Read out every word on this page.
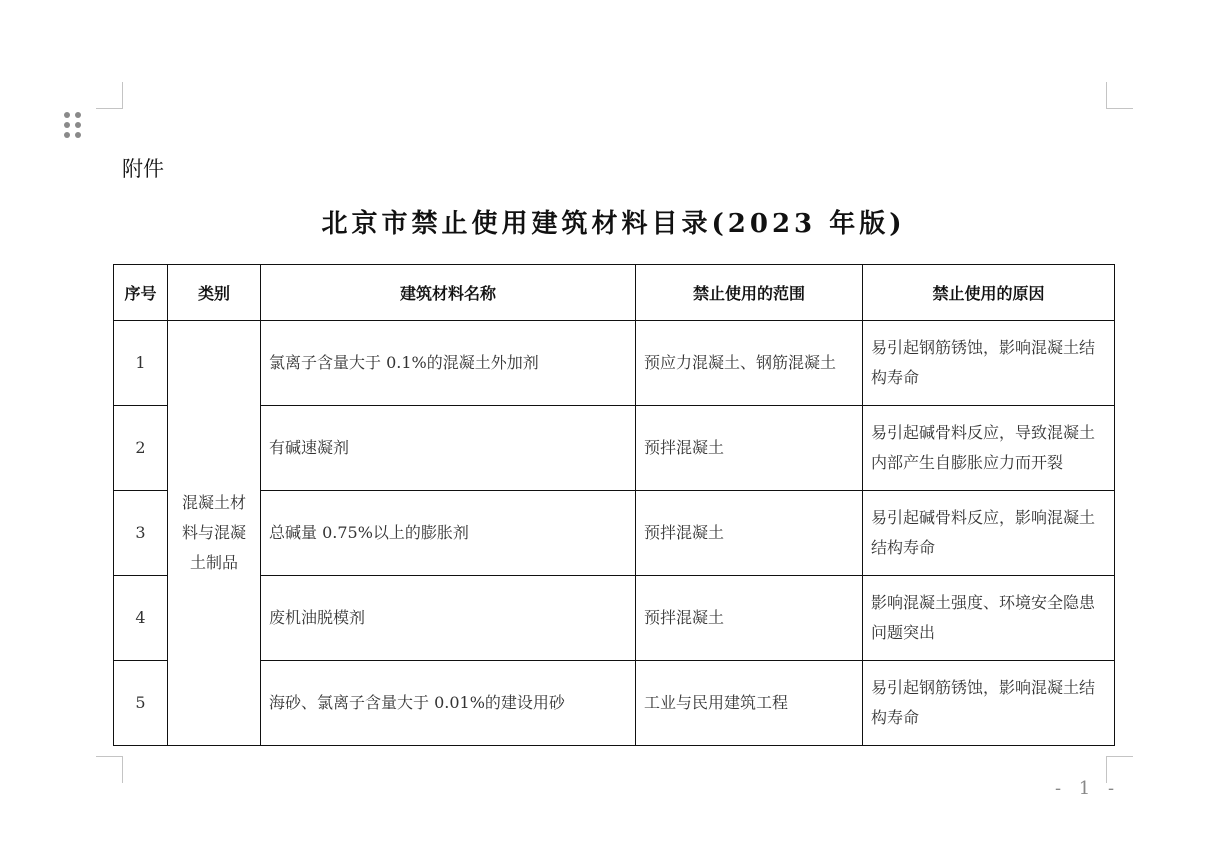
附件
北京市禁止使用建筑材料目录(2023 年版)
序号	类别	建筑材料名称	禁止使用的范围	禁止使用的原因
1	混凝土材料与混凝土制品	氯离子含量大于 0.1%的混凝土外加剂	预应力混凝土、钢筋混凝土	易引起钢筋锈蚀，影响混凝土结构寿命
2		有碱速凝剂	预拌混凝土	易引起碱骨料反应，导致混凝土内部产生自膨胀应力而开裂
3		总碱量 0.75%以上的膨胀剂	预拌混凝土	易引起碱骨料反应，影响混凝土结构寿命
4		废机油脱模剂	预拌混凝土	影响混凝土强度、环境安全隐患问题突出
5		海砂、氯离子含量大于 0.01%的建设用砂	工业与民用建筑工程	易引起钢筋锈蚀，影响混凝土结构寿命
- 1 -
